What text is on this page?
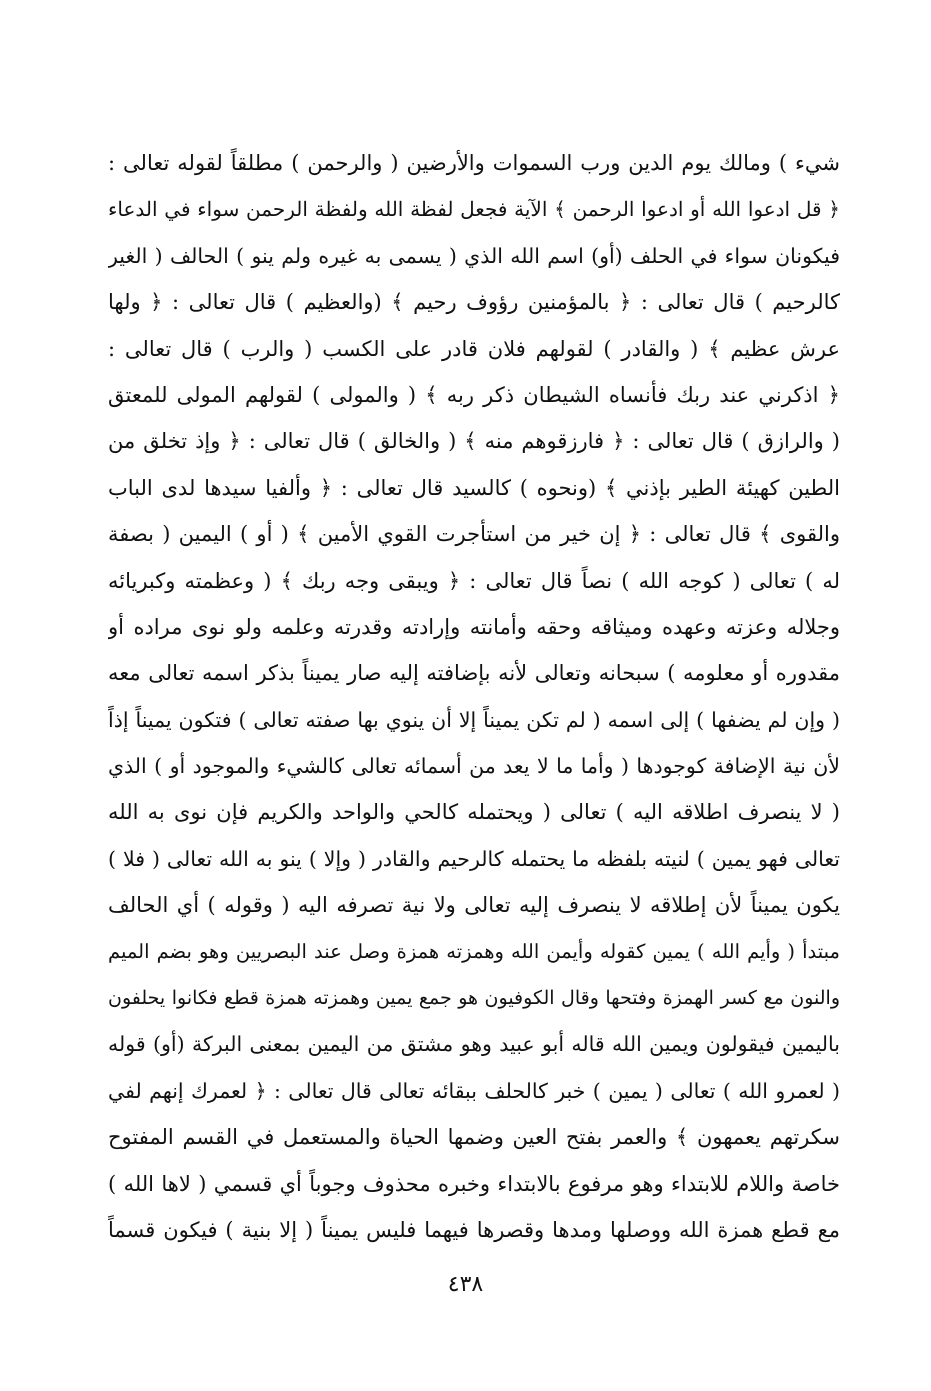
شيء ) ومالك يوم الدين ورب السموات والأرضين ( والرحمن ) مطلقاً لقوله تعالى :
﴿ قل ادعوا الله أو ادعوا الرحمن ﴾ الآية فجعل لفظة الله ولفظة الرحمن سواء في الدعاء
فيكونان سواء في الحلف (أو) اسم الله الذي ( يسمى به غيره ولم ينو ) الحالف ( الغير
كالرحيم ) قال تعالى : ﴿ بالمؤمنين رؤوف رحيم ﴾ (والعظيم ) قال تعالى : ﴿ ولها
عرش عظيم ﴾ ( والقادر ) لقولهم فلان قادر على الكسب ( والرب ) قال تعالى :
﴿ اذكرني عند ربك فأنساه الشيطان ذكر ربه ﴾ ( والمولى ) لقولهم المولى للمعتق
( والرازق ) قال تعالى : ﴿ فارزقوهم منه ﴾ ( والخالق ) قال تعالى : ﴿ وإذ تخلق من
الطين كهيئة الطير بإذني ﴾ (ونحوه ) كالسيد قال تعالى : ﴿ وألفيا سيدها لدى الباب
والقوى ﴾ قال تعالى : ﴿ إن خير من استأجرت القوي الأمين ﴾ ( أو ) اليمين ( بصفة
له ) تعالى ( كوجه الله ) نصاً قال تعالى : ﴿ ويبقى وجه ربك ﴾ ( وعظمته وكبريائه
وجلاله وعزته وعهده وميثاقه وحقه وأمانته وإرادته وقدرته وعلمه ولو نوى مراده أو
مقدوره أو معلومه ) سبحانه وتعالى لأنه بإضافته إليه صار يميناً بذكر اسمه تعالى معه
( وإن لم يضفها ) إلى اسمه ( لم تكن يميناً إلا أن ينوي بها صفته تعالى ) فتكون يميناً إذاً
لأن نية الإضافة كوجودها ( وأما ما لا يعد من أسمائه تعالى كالشيء والموجود أو ) الذي
( لا ينصرف اطلاقه اليه ) تعالى ( ويحتمله كالحي والواحد والكريم فإن نوى به الله
تعالى فهو يمين ) لنيته بلفظه ما يحتمله كالرحيم والقادر ( وإلا ) ينو به الله تعالى ( فلا )
يكون يميناً لأن إطلاقه لا ينصرف إليه تعالى ولا نية تصرفه اليه ( وقوله ) أي الحالف
مبتدأ ( وأيم الله ) يمين كقوله وأيمن الله وهمزته همزة وصل عند البصريين وهو بضم الميم
والنون مع كسر الهمزة وفتحها وقال الكوفيون هو جمع يمين وهمزته همزة قطع فكانوا يحلفون
باليمين فيقولون ويمين الله قاله أبو عبيد وهو مشتق من اليمين بمعنى البركة (أو) قوله
( لعمرو الله ) تعالى ( يمين ) خبر كالحلف ببقائه تعالى قال تعالى : ﴿ لعمرك إنهم لفي
سكرتهم يعمهون ﴾ والعمر بفتح العين وضمها الحياة والمستعمل في القسم المفتوح
خاصة واللام للابتداء وهو مرفوع بالابتداء وخبره محذوف وجوباً أي قسمي ( لاها الله )
مع قطع همزة الله ووصلها ومدها وقصرها فيهما فليس يميناً ( إلا بنية ) فيكون قسماً
٤٣٨
